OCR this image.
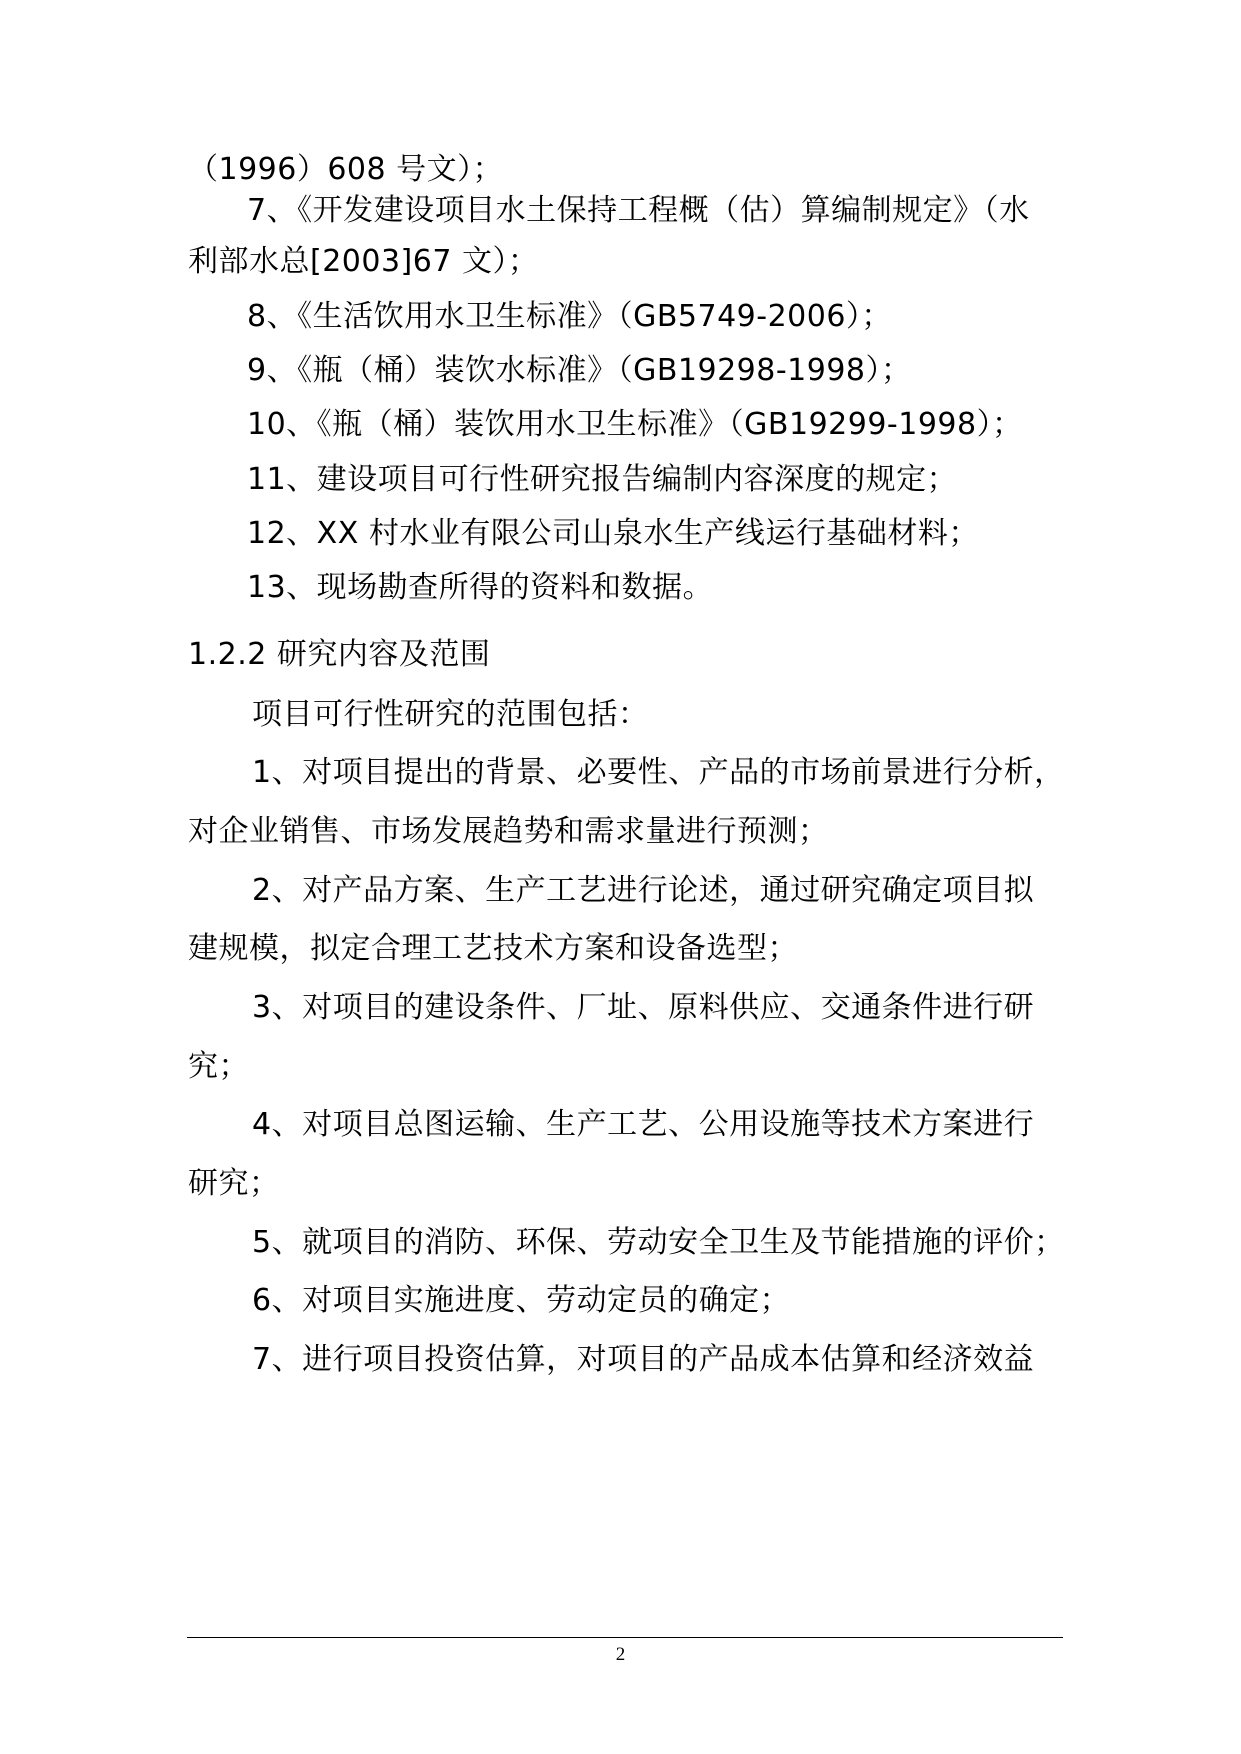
（1996）608 号文）；
7、《开发建设项目水土保持工程概（估）算编制规定》（水
利部水总[2003]67 文）；
8、《生活饮用水卫生标准》（GB5749-2006）；
9、《瓶（桶）装饮水标准》（GB19298-1998）；
10、《瓶（桶）装饮用水卫生标准》（GB19299-1998）；
11、建设项目可行性研究报告编制内容深度的规定；
12、XX 村水业有限公司山泉水生产线运行基础材料；
13、现场勘查所得的资料和数据。
1.2.2 研究内容及范围
项目可行性研究的范围包括：
1、对项目提出的背景、必要性、产品的市场前景进行分析，
对企业销售、市场发展趋势和需求量进行预测；
2、对产品方案、生产工艺进行论述，通过研究确定项目拟
建规模，拟定合理工艺技术方案和设备选型；
3、对项目的建设条件、厂址、原料供应、交通条件进行研
究；
4、对项目总图运输、生产工艺、公用设施等技术方案进行
研究；
5、就项目的消防、环保、劳动安全卫生及节能措施的评价；
6、对项目实施进度、劳动定员的确定；
7、进行项目投资估算，对项目的产品成本估算和经济效益
2
